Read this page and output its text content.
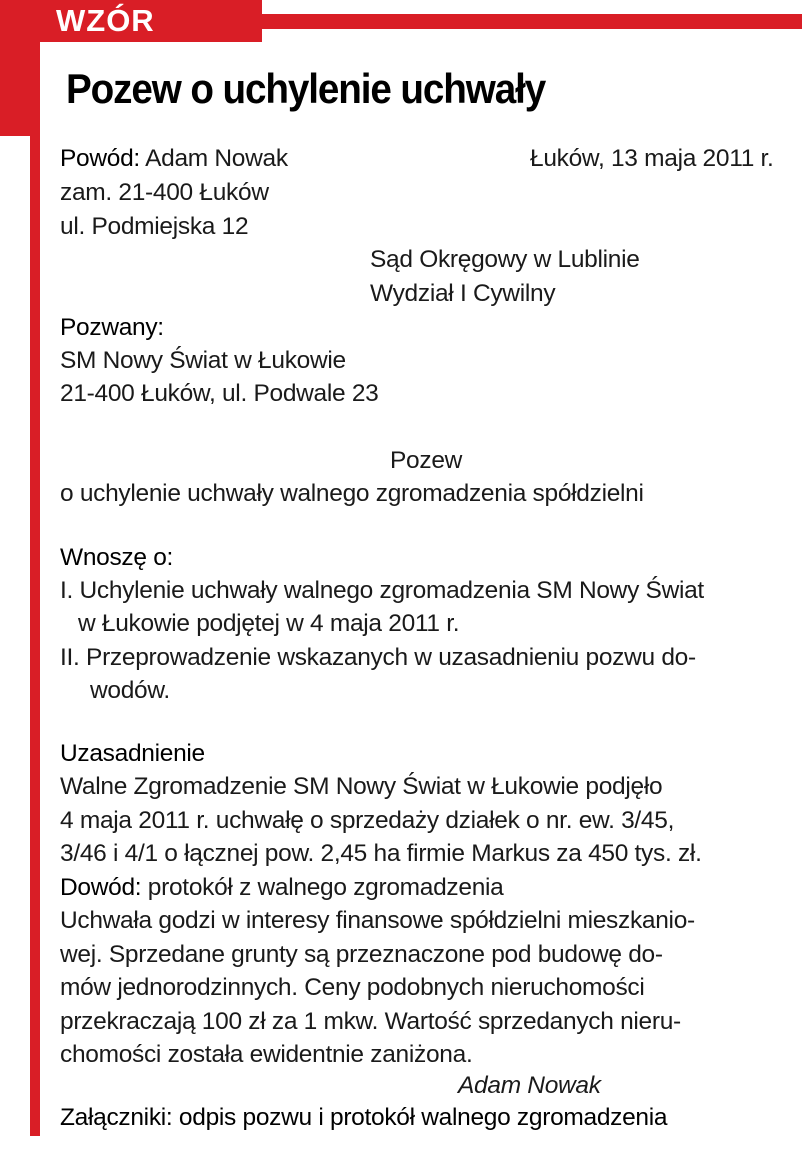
WZÓR
Pozew o uchylenie uchwały
Powód: Adam Nowak	Łuków, 13 maja 2011 r.
zam. 21-400 Łuków
ul. Podmiejska 12
Sąd Okręgowy w Lublinie
Wydział I Cywilny
Pozwany:
SM Nowy Świat w Łukowie
21-400 Łuków, ul. Podwale 23
Pozew
o uchylenie uchwały walnego zgromadzenia spółdzielni
Wnoszę o:
I. Uchylenie uchwały walnego zgromadzenia SM Nowy Świat
w Łukowie podjętej w 4 maja 2011 r.
II. Przeprowadzenie wskazanych w uzasadnieniu pozwu do-
wodów.
Uzasadnienie
Walne Zgromadzenie SM Nowy Świat w Łukowie podjęło
4 maja 2011 r. uchwałę o sprzedaży działek o nr. ew. 3/45,
3/46 i 4/1 o łącznej pow. 2,45 ha firmie Markus za 450 tys. zł.
Dowód: protokół z walnego zgromadzenia
Uchwała godzi w interesy finansowe spółdzielni mieszkanio-
wej. Sprzedane grunty są przeznaczone pod budowę do-
mów jednorodzinnych. Ceny podobnych nieruchomości
przekraczają 100 zł za 1 mkw. Wartość sprzedanych nieru-
chomości została ewidentnie zaniżona.
Adam Nowak
Załączniki: odpis pozwu i protokół walnego zgromadzenia
